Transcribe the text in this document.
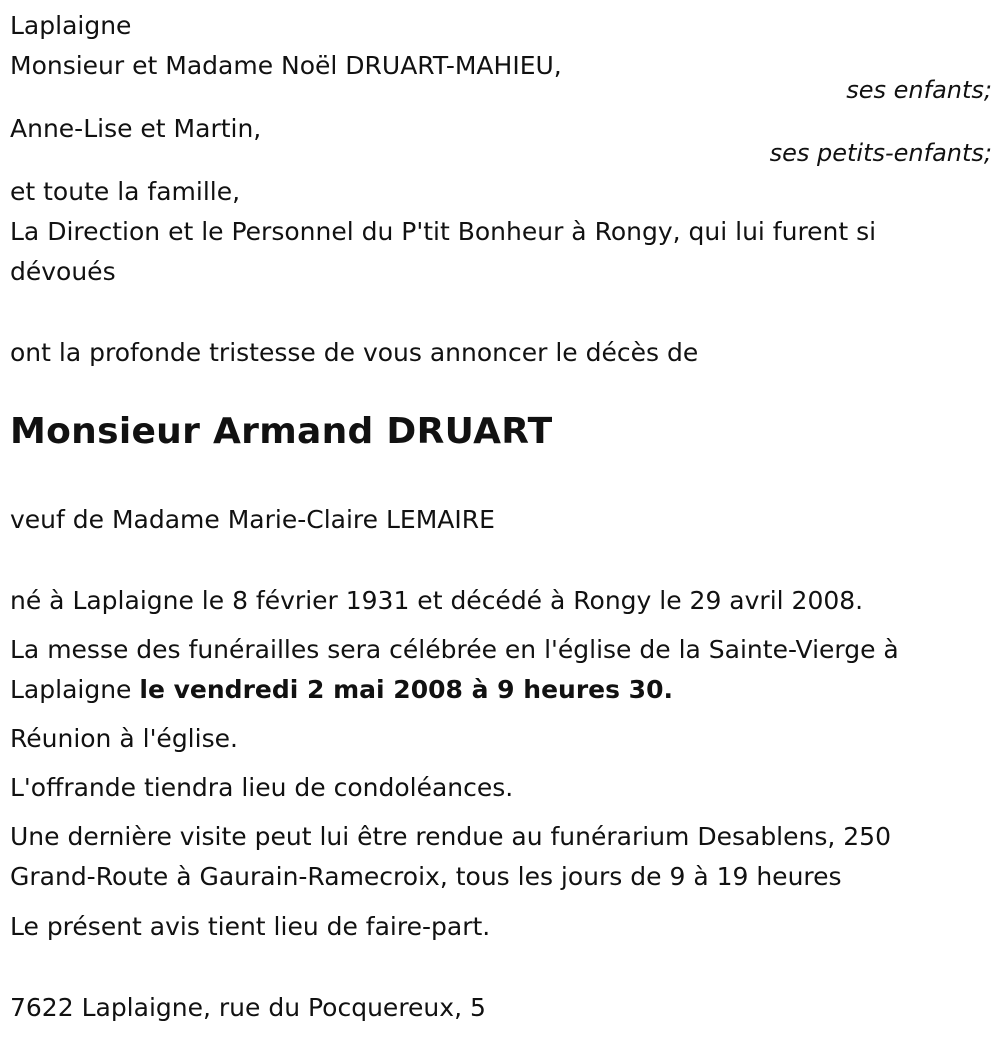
Laplaigne
Monsieur et Madame Noël DRUART-MAHIEU,
ses enfants;
Anne-Lise et Martin,
ses petits-enfants;
et toute la famille,
La Direction et le Personnel du P'tit Bonheur à Rongy, qui lui furent si dévoués
ont la profonde tristesse de vous annoncer le décès de
Monsieur Armand DRUART
veuf de Madame Marie-Claire LEMAIRE
né à Laplaigne le 8 février 1931 et décédé à Rongy le 29 avril 2008.
La messe des funérailles sera célébrée en l'église de la Sainte-Vierge à Laplaigne le vendredi 2 mai 2008 à 9 heures 30.
Réunion à l'église.
L'offrande tiendra lieu de condoléances.
Une dernière visite peut lui être rendue au funérarium Desablens, 250 Grand-Route à Gaurain-Ramecroix, tous les jours de 9 à 19 heures
Le présent avis tient lieu de faire-part.
7622 Laplaigne, rue du Pocquereux, 5
